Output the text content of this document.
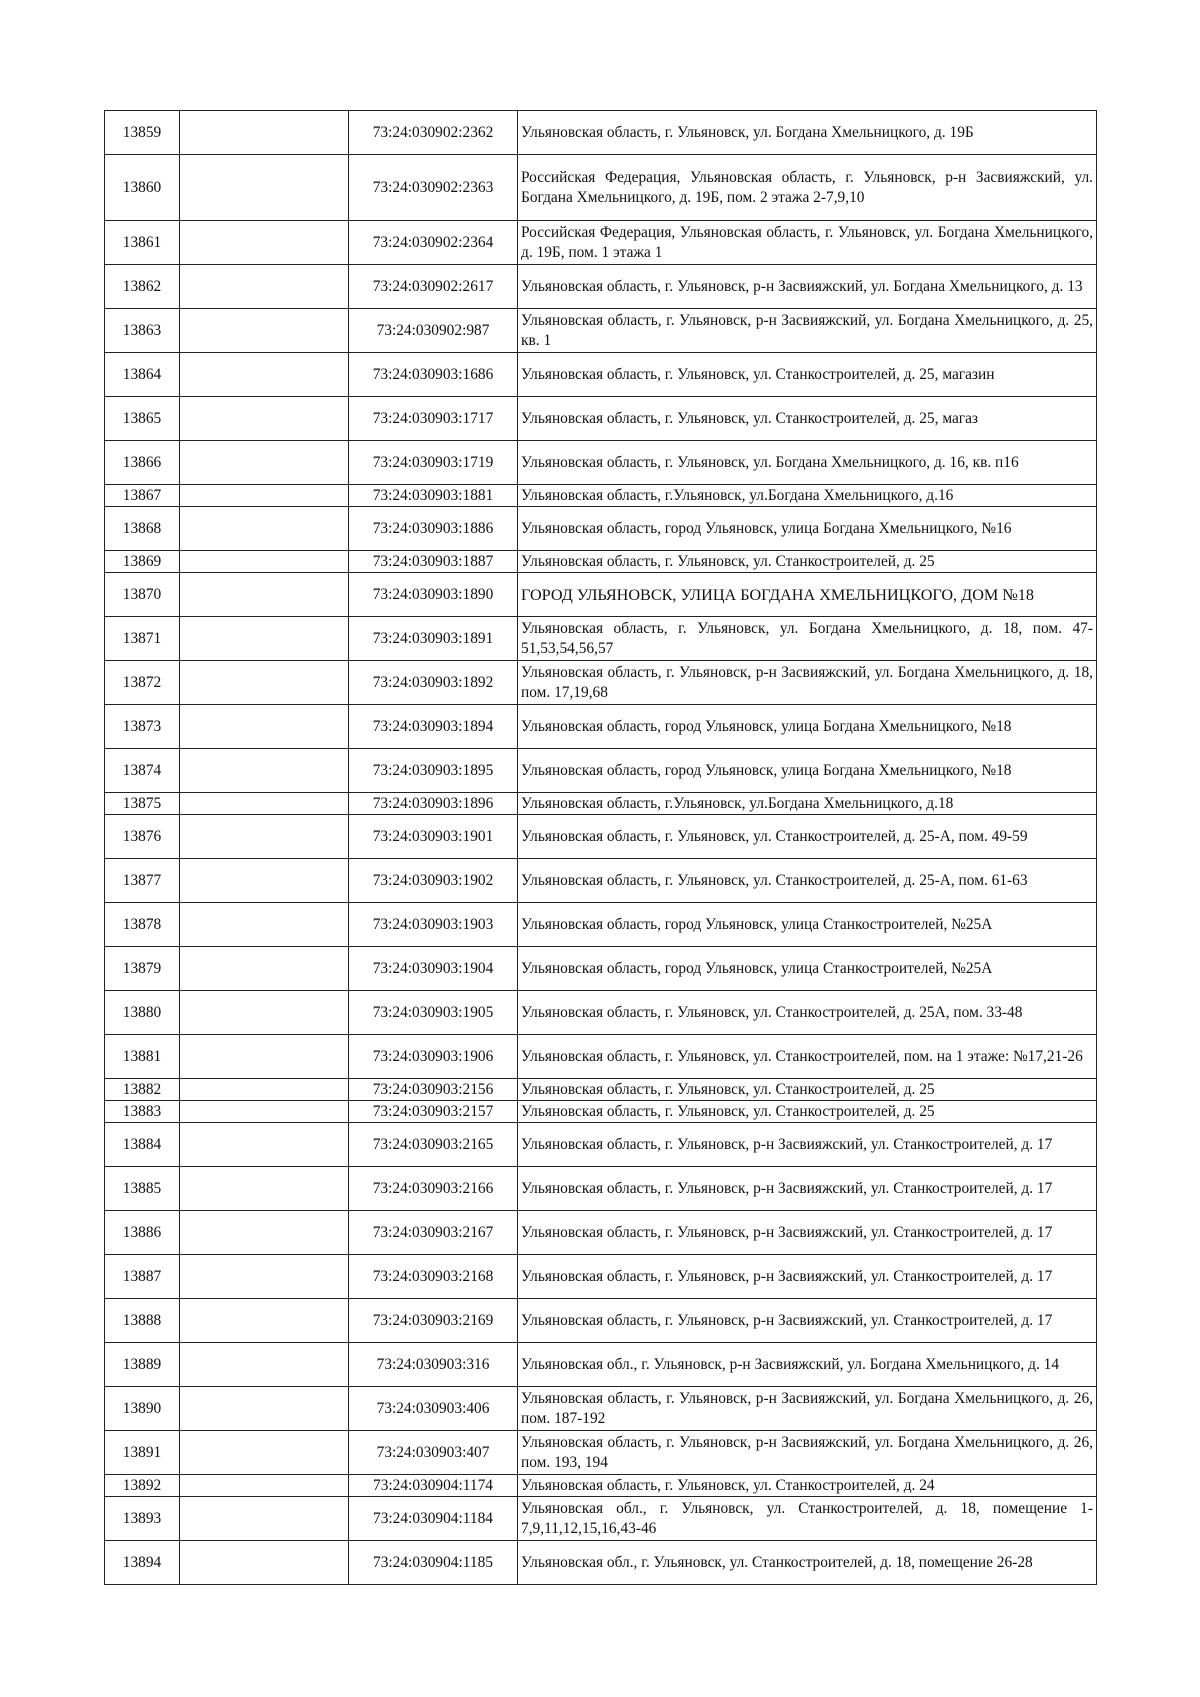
13859		73:24:030902:2362	Ульяновская область, г. Ульяновск, ул. Богдана Хмельницкого, д. 19Б
13860		73:24:030902:2363	Российская Федерация, Ульяновская область, г. Ульяновск, р-н Засвияжский, ул. Богдана Хмельницкого, д. 19Б, пом. 2 этажа 2-7,9,10
13861		73:24:030902:2364	Российская Федерация, Ульяновская область, г. Ульяновск, ул. Богдана Хмельницкого, д. 19Б, пом. 1 этажа 1
13862		73:24:030902:2617	Ульяновская область, г. Ульяновск, р-н Засвияжский, ул. Богдана Хмельницкого, д. 13
13863		73:24:030902:987	Ульяновская область, г. Ульяновск, р-н Засвияжский, ул. Богдана Хмельницкого, д. 25, кв. 1
13864		73:24:030903:1686	Ульяновская область, г. Ульяновск, ул. Станкостроителей, д. 25, магазин
13865		73:24:030903:1717	Ульяновская область, г. Ульяновск, ул. Станкостроителей, д. 25, магаз
13866		73:24:030903:1719	Ульяновская область, г. Ульяновск, ул. Богдана Хмельницкого, д. 16, кв. п16
13867		73:24:030903:1881	Ульяновская область, г.Ульяновск, ул.Богдана Хмельницкого, д.16
13868		73:24:030903:1886	Ульяновская область, город Ульяновск, улица Богдана Хмельницкого, №16
13869		73:24:030903:1887	Ульяновская область, г. Ульяновск, ул. Станкостроителей, д. 25
13870		73:24:030903:1890	ГОРОД УЛЬЯНОВСК, УЛИЦА БОГДАНА ХМЕЛЬНИЦКОГО, ДОМ №18
13871		73:24:030903:1891	Ульяновская область, г. Ульяновск, ул. Богдана Хмельницкого, д. 18, пом. 47-51,53,54,56,57
13872		73:24:030903:1892	Ульяновская область, г. Ульяновск, р-н Засвияжский, ул. Богдана Хмельницкого, д. 18, пом. 17,19,68
13873		73:24:030903:1894	Ульяновская область, город Ульяновск, улица Богдана Хмельницкого, №18
13874		73:24:030903:1895	Ульяновская область, город Ульяновск, улица Богдана Хмельницкого, №18
13875		73:24:030903:1896	Ульяновская область, г.Ульяновск, ул.Богдана Хмельницкого, д.18
13876		73:24:030903:1901	Ульяновская область, г. Ульяновск, ул. Станкостроителей, д. 25-А, пом. 49-59
13877		73:24:030903:1902	Ульяновская область, г. Ульяновск, ул. Станкостроителей, д. 25-А, пом. 61-63
13878		73:24:030903:1903	Ульяновская область, город Ульяновск, улица Станкостроителей, №25А
13879		73:24:030903:1904	Ульяновская область, город Ульяновск, улица Станкостроителей, №25А
13880		73:24:030903:1905	Ульяновская область, г. Ульяновск, ул. Станкостроителей, д. 25А, пом. 33-48
13881		73:24:030903:1906	Ульяновская область, г. Ульяновск, ул. Станкостроителей, пом. на 1 этаже: №17,21-26
13882		73:24:030903:2156	Ульяновская область, г. Ульяновск, ул. Станкостроителей, д. 25
13883		73:24:030903:2157	Ульяновская область, г. Ульяновск, ул. Станкостроителей, д. 25
13884		73:24:030903:2165	Ульяновская область, г. Ульяновск, р-н Засвияжский, ул. Станкостроителей, д. 17
13885		73:24:030903:2166	Ульяновская область, г. Ульяновск, р-н Засвияжский, ул. Станкостроителей, д. 17
13886		73:24:030903:2167	Ульяновская область, г. Ульяновск, р-н Засвияжский, ул. Станкостроителей, д. 17
13887		73:24:030903:2168	Ульяновская область, г. Ульяновск, р-н Засвияжский, ул. Станкостроителей, д. 17
13888		73:24:030903:2169	Ульяновская область, г. Ульяновск, р-н Засвияжский, ул. Станкостроителей, д. 17
13889		73:24:030903:316	Ульяновская обл., г. Ульяновск, р-н Засвияжский, ул. Богдана Хмельницкого, д. 14
13890		73:24:030903:406	Ульяновская область, г. Ульяновск, р-н Засвияжский, ул. Богдана Хмельницкого, д. 26, пом. 187-192
13891		73:24:030903:407	Ульяновская область, г. Ульяновск, р-н Засвияжский, ул. Богдана Хмельницкого, д. 26, пом. 193, 194
13892		73:24:030904:1174	Ульяновская область, г. Ульяновск, ул. Станкостроителей, д. 24
13893		73:24:030904:1184	Ульяновская обл., г. Ульяновск, ул. Станкостроителей, д. 18, помещение 1-7,9,11,12,15,16,43-46
13894		73:24:030904:1185	Ульяновская обл., г. Ульяновск, ул. Станкостроителей, д. 18, помещение 26-28
